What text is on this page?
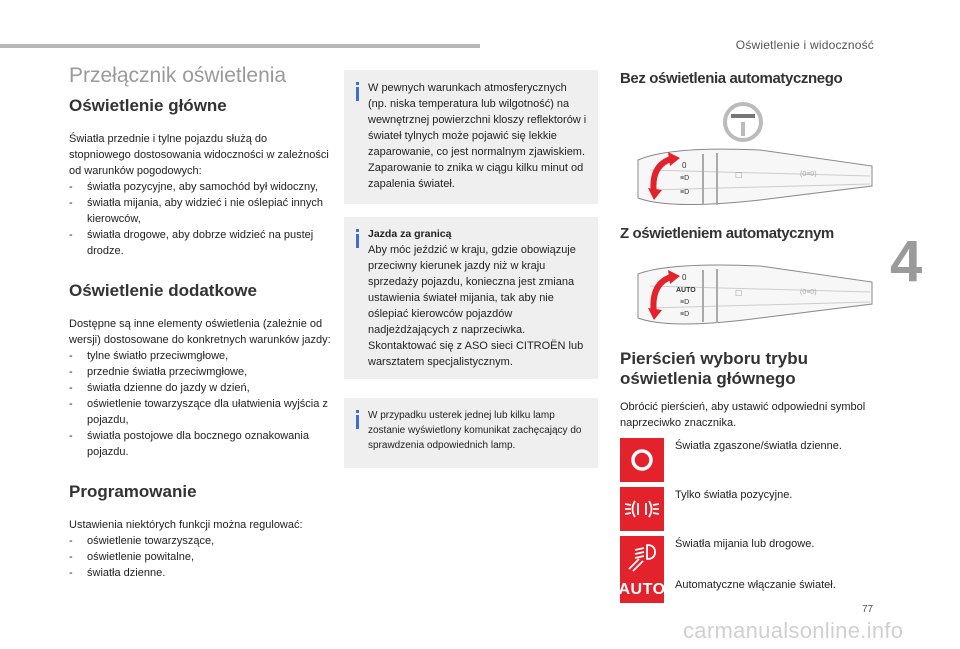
Oświetlenie i widoczność
4
Przełącznik oświetlenia
Oświetlenie główne

Światła przednie i tylne pojazdu służą do stopniowego dostosowania widoczności w zależności od warunków pogodowych:

- światła pozycyjne, aby samochód był widoczny,
- światła mijania, aby widzieć i nie oślepiać innych kierowców,
- światła drogowe, aby dobrze widzieć na pustej drodze.
Oświetlenie dodatkowe

Dostępne są inne elementy oświetlenia (zależnie od wersji) dostosowane do konkretnych warunków jazdy:

- tylne światło przeciwmgłowe,
- przednie światła przeciwmgłowe,
- światła dzienne do jazdy w dzień,
- oświetlenie towarzyszące dla ułatwienia wyjścia z pojazdu,
- światła postojowe dla bocznego oznakowania pojazdu.
Programowanie

Ustawienia niektórych funkcji można regulować:

- oświetlenie towarzyszące,
- oświetlenie powitalne,
- światła dzienne.

W pewnych warunkach atmosferycznych (np. niska temperatura lub wilgotność) na wewnętrznej powierzchni kloszy reflektorów i świateł tylnych może pojawić się lekkie zaparowanie, co jest normalnym zjawiskiem. Zaparowanie to znika w ciągu kilku minut od zapalenia świateł.

Jazda za granicą

Aby móc jeździć w kraju, gdzie obowiązuje przeciwny kierunek jazdy niż w kraju sprzedaży pojazdu, konieczna jest zmiana ustawienia świateł mijania, tak aby nie oślepiać kierowców pojazdów nadjeżdżających z naprzeciwka. Skontaktować się z ASO sieci CITROËN lub warsztatem specjalistycznym.

W przypadku usterek jednej lub kilku lamp zostanie wyświetlony komunikat zachęcający do sprawdzenia odpowiednich lamp.

Bez oświetlenia automatycznego
0
≡D
≡D
☐	(0≡0)
Z oświetleniem automatycznym
0
AUTO
≡D
≡D
☐	(0≡0)
Pierścień wyboru trybu oświetlenia głównego

Obrócić pierścień, aby ustawić odpowiedni symbol naprzeciwko znacznika.

Światła zgaszone/światła dzienne.
Tylko światła pozycyjne.
Światła mijania lub drogowe.
AUTO Automatyczne włączanie świateł.
77
carmanualsonline.info
